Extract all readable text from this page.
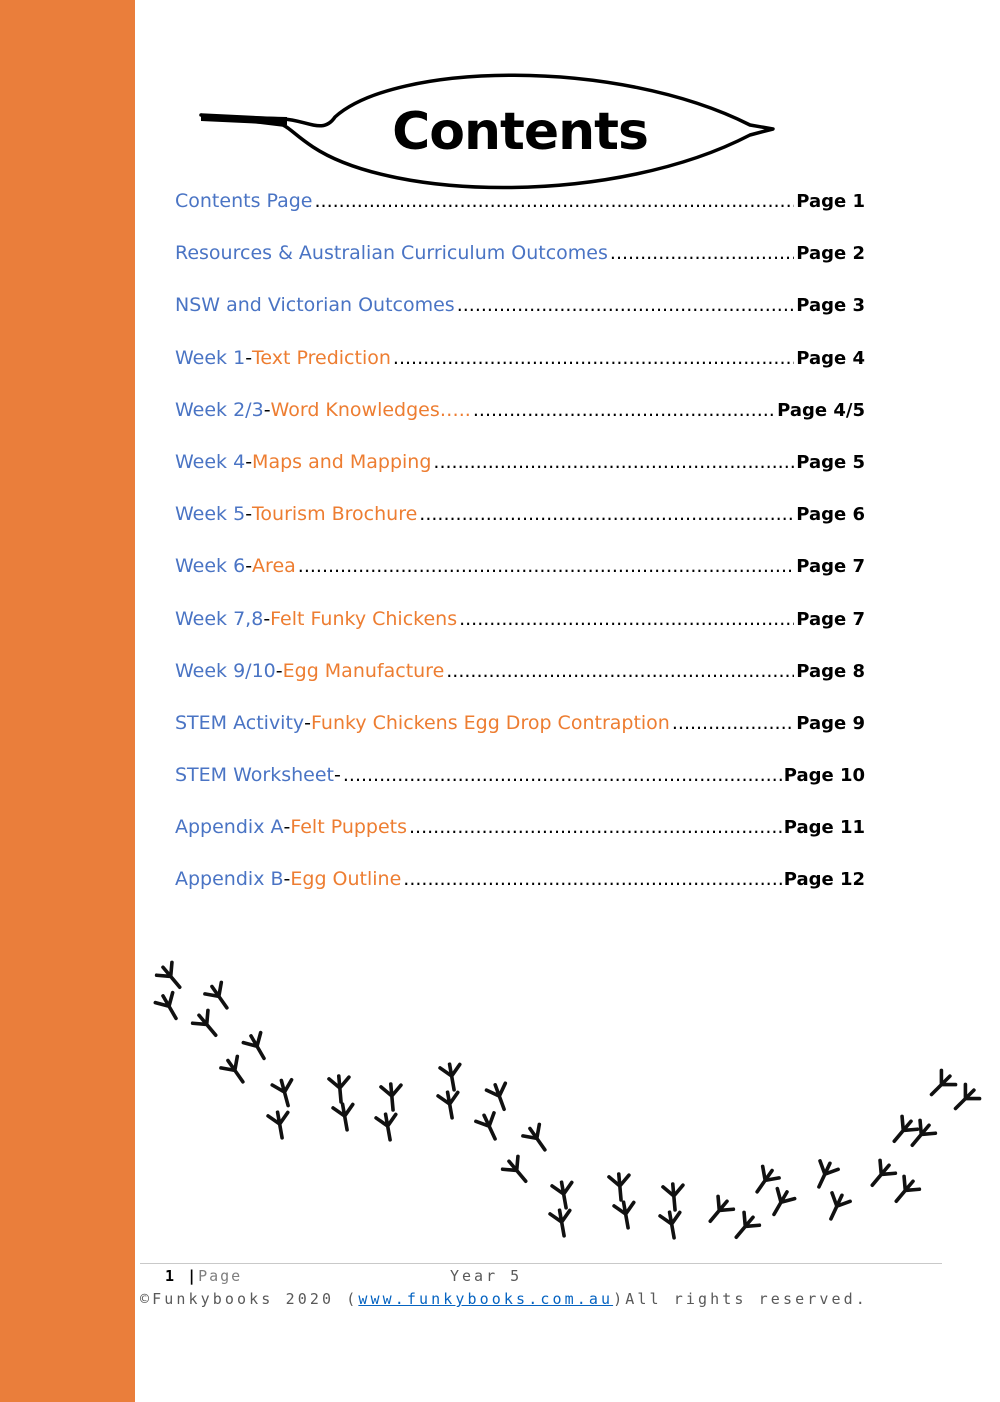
Contents
Contents Page .....	Page 1
Resources & Australian Curriculum Outcomes .....	Page 2
NSW and Victorian Outcomes .....	Page 3
Week 1 - Text Prediction .....	Page 4
Week 2/3 - Word Knowledges….. .....	Page 4/5
Week 4 - Maps and Mapping .....	Page 5
Week 5 - Tourism Brochure .....	Page 6
Week 6 - Area .....	Page 7
Week 7,8 - Felt Funky Chickens .....	Page 7
Week 9/10 - Egg Manufacture .....	Page 8
STEM Activity - Funky Chickens Egg Drop Contraption .....	Page 9
STEM Worksheet - .....	Page 10
Appendix A - Felt Puppets .....	Page 11
Appendix B - Egg Outline .....	Page 12
1 |Page	Year 5
©Funkybooks 2020 (www.funkybooks.com.au)All rights reserved.
